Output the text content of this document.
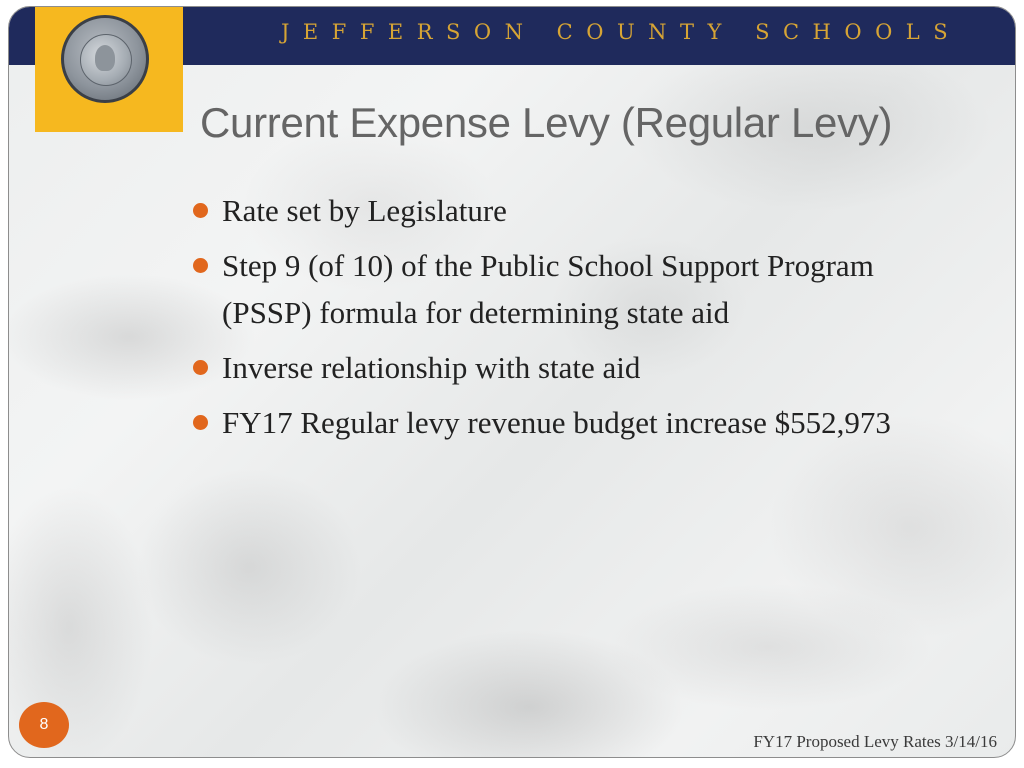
JEFFERSON COUNTY SCHOOLS
Current Expense Levy (Regular Levy)
Rate set by Legislature
Step 9 (of 10) of the Public School Support Program (PSSP) formula for determining state aid
Inverse relationship with state aid
FY17 Regular levy revenue budget increase $552,973
8
FY17 Proposed Levy Rates 3/14/16
